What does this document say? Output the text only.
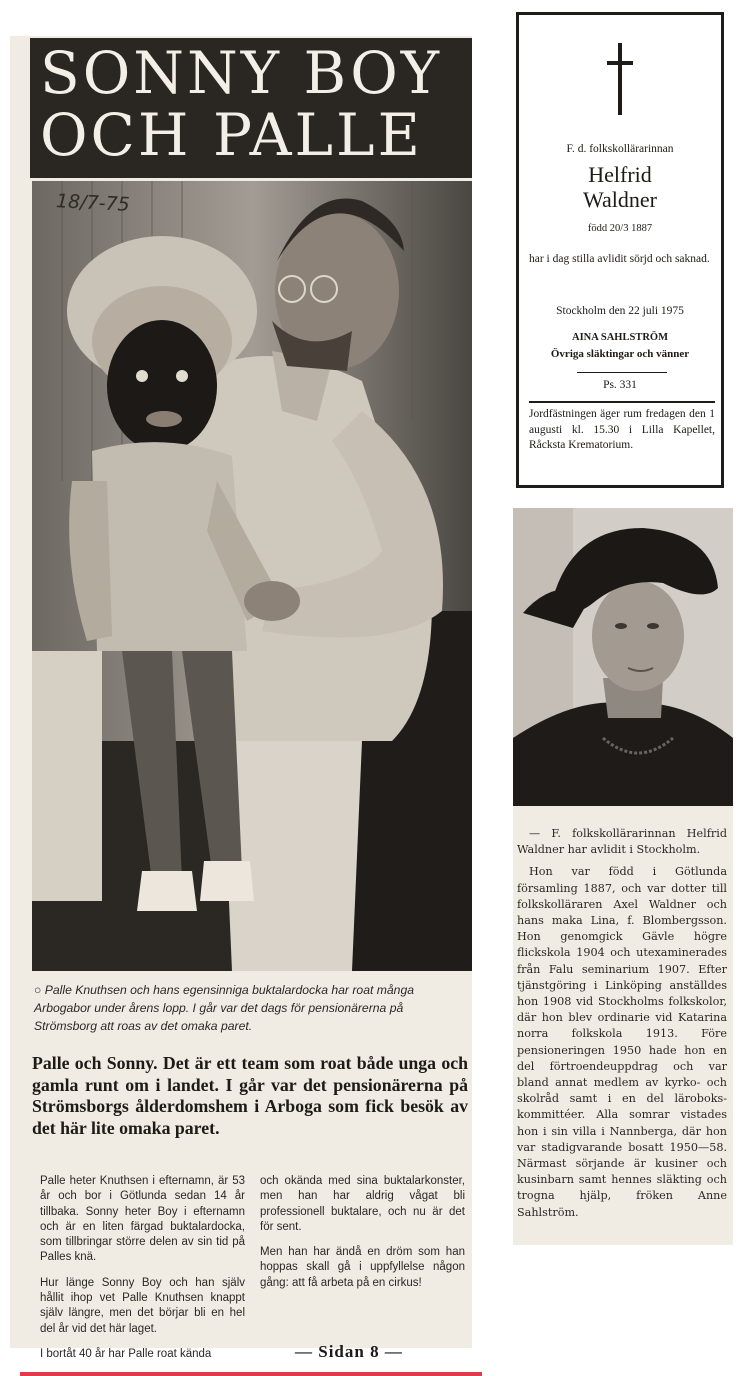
SONNY BOY
OCH PALLE
18/7-75
○ Palle Knuthsen och hans egensinniga buktalardocka har roat många Arbogabor under årens lopp. I går var det dags för pensionärerna på Strömsborg att roas av det omaka paret.
Palle och Sonny. Det är ett team som roat både unga och gamla runt om i landet. I går var det pensionärerna på Strömsborgs ålderdomshem i Arboga som fick besök av det här lite omaka paret.

Palle heter Knuthsen i efternamn, är 53 år och bor i Götlunda sedan 14 år tillbaka. Sonny heter Boy i efternamn och är en liten färgad buktalardocka, som tillbringar större delen av sin tid på Palles knä.

Hur länge Sonny Boy och han själv hållit ihop vet Palle Knuthsen knappt själv längre, men det börjar bli en hel del år vid det här laget.

I bortåt 40 år har Palle roat kända

och okända med sina buktalarkonster, men han har aldrig vågat bli professionell buktalare, och nu är det för sent.

Men han har ändå en dröm som han hoppas skall gå i uppfyllelse någon gång: att få arbeta på en cirkus!

— Sidan 8 —
F. d. folkskollärarinnan
Helfrid
Waldner
född 20/3 1887
har i dag stilla avlidit sörjd och saknad.
Stockholm den 22 juli 1975
AINA SAHLSTRÖM
Övriga släktingar och vänner
Ps. 331
Jordfästningen äger rum fredagen den 1 augusti kl. 15.30 i Lilla Kapellet, Råcksta Krematorium.

— F. folkskollärarinnan Helfrid Waldner har avlidit i Stockholm.

Hon var född i Götlunda församling 1887, och var dotter till folkskolläraren Axel Waldner och hans maka Lina, f. Blombergsson. Hon genomgick Gävle högre flickskola 1904 och utexaminerades från Falu seminarium 1907. Efter tjänstgöring i Linköping anställdes hon 1908 vid Stockholms folkskolor, där hon blev ordinarie vid Katarina norra folkskola 1913. Före pensioneringen 1950 hade hon en del förtroendeuppdrag och var bland annat medlem av kyrko- och skolråd samt i en del lärobokskommittéer. Alla somrar vistades hon i sin villa i Nannberga, där hon var stadigvarande bosatt 1950—58. Närmast sörjande är kusiner och kusinbarn samt hennes släkting och trogna hjälp, fröken Anne Sahlström.
